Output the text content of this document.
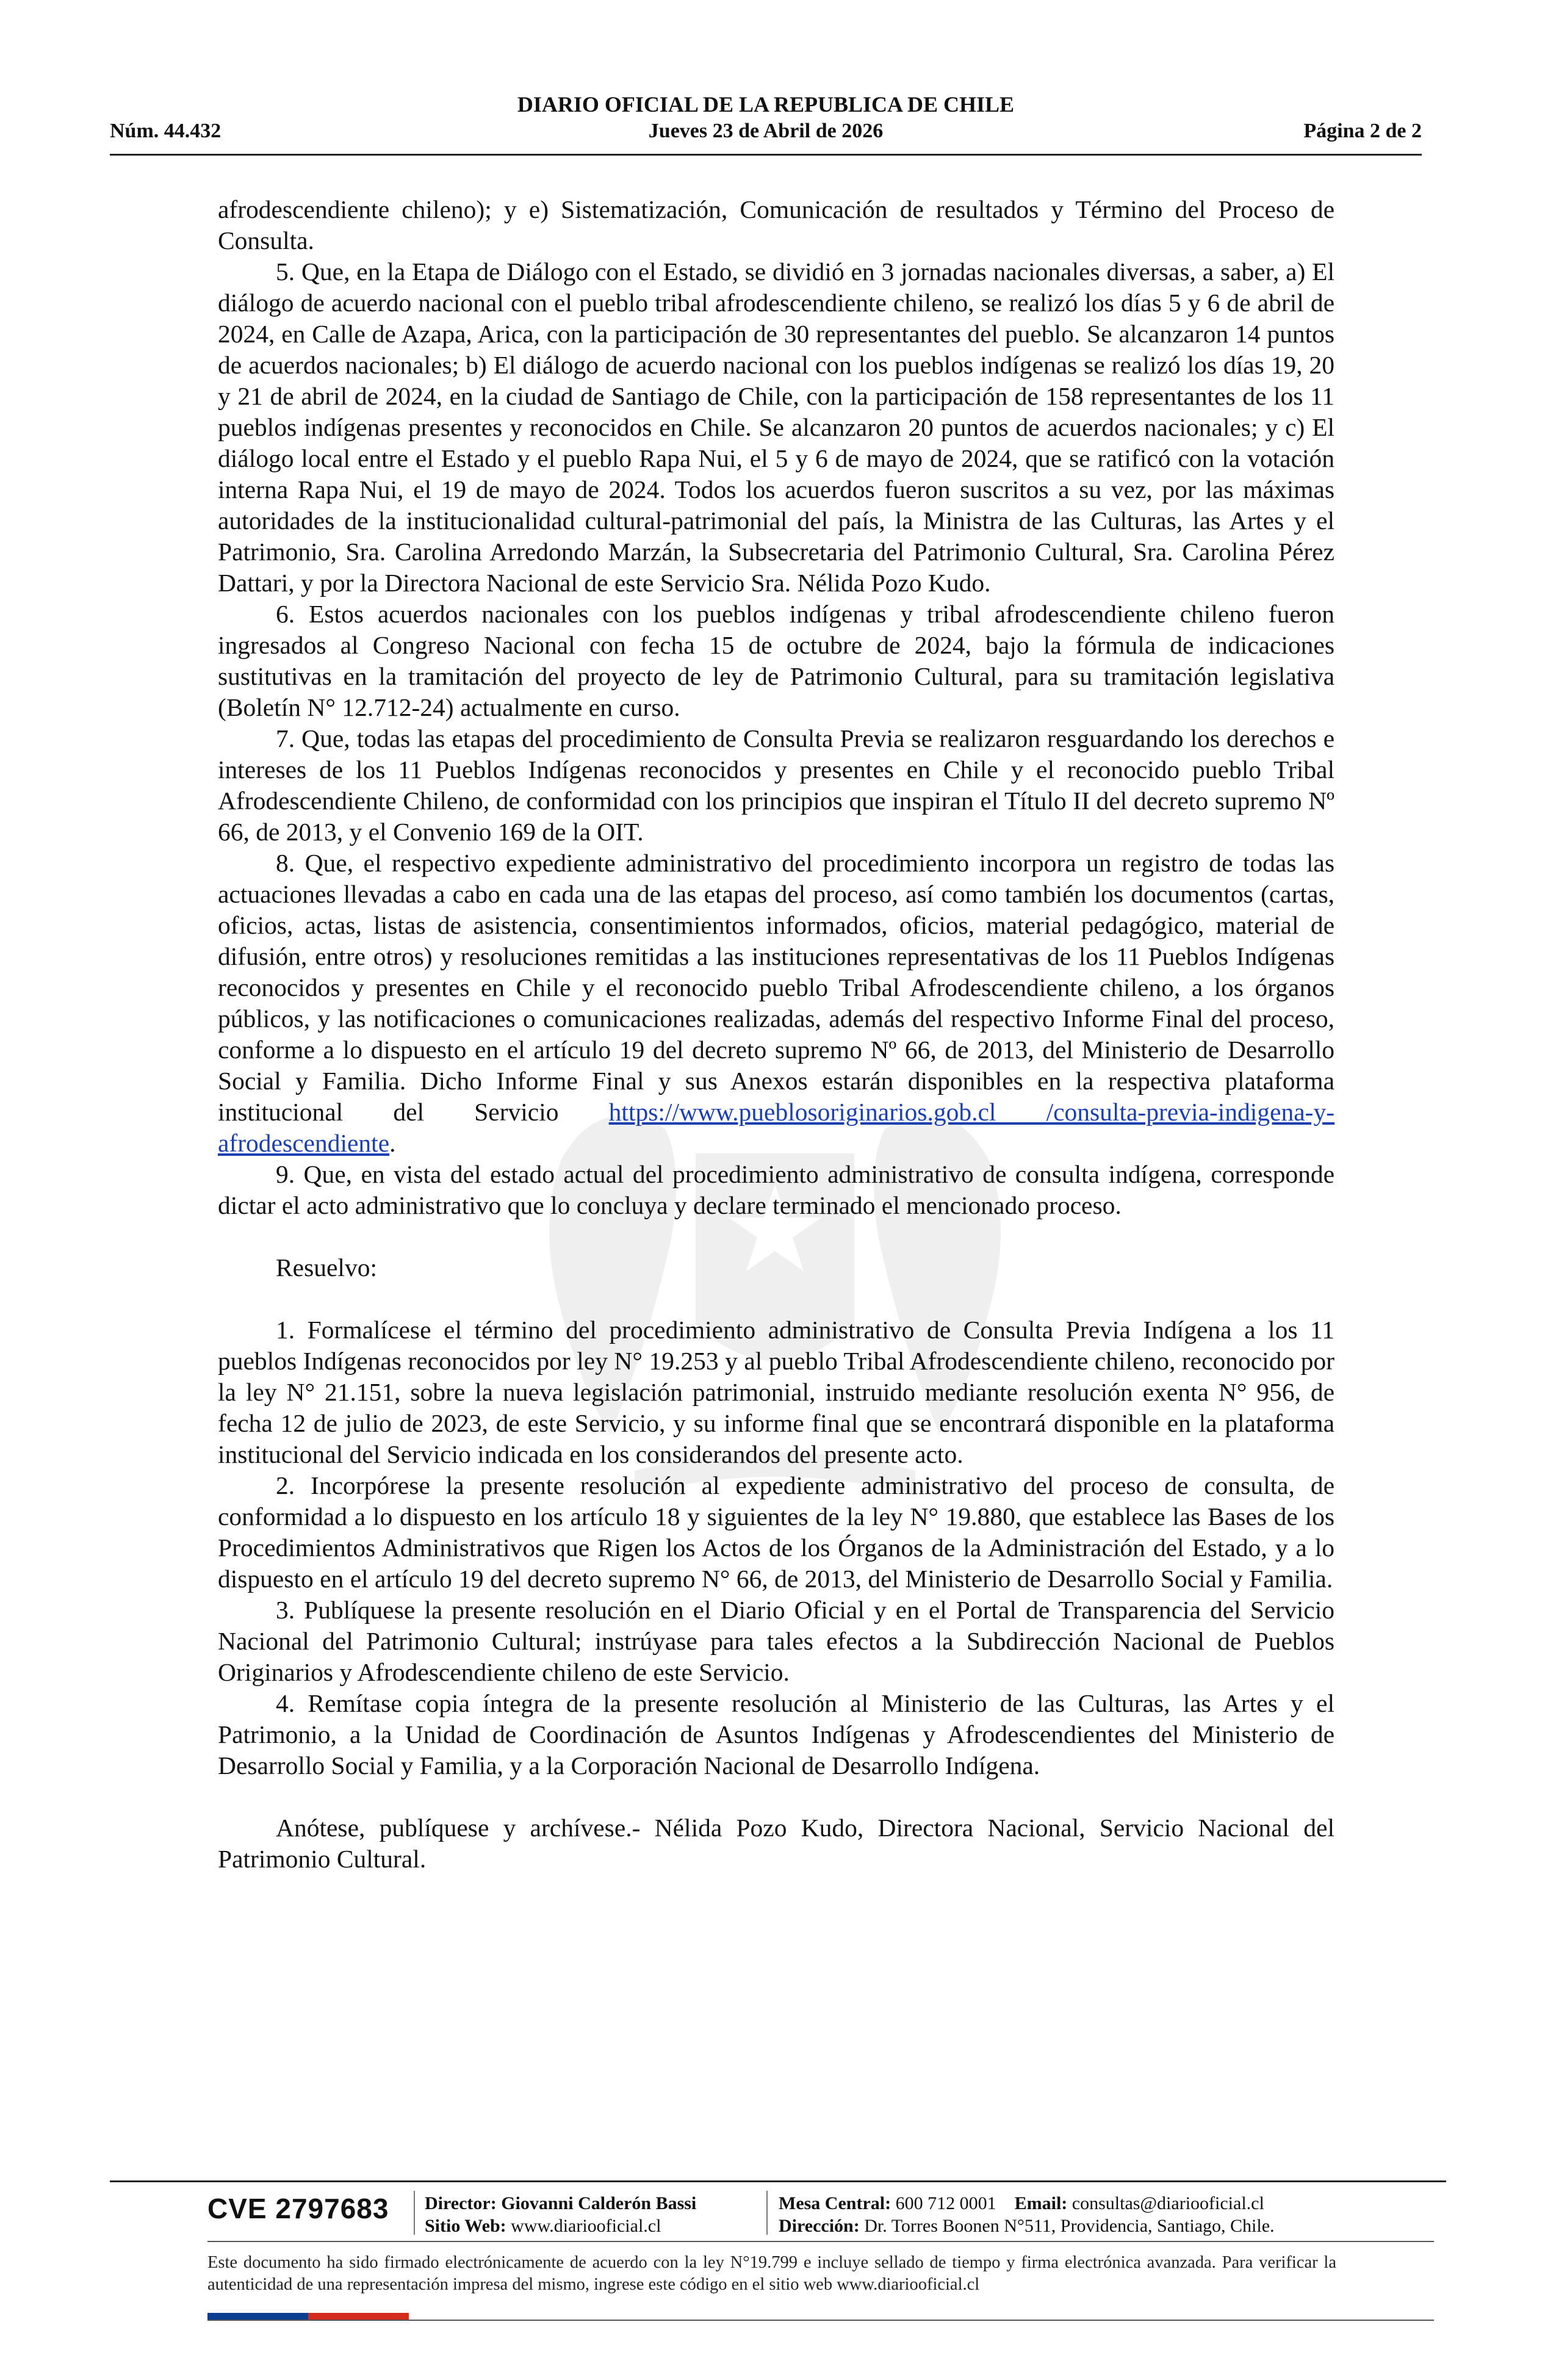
DIARIO OFICIAL DE LA REPUBLICA DE CHILE
Núm. 44.432	Jueves 23 de Abril de 2026	Página 2 de 2

afrodescendiente chileno); y e) Sistematización, Comunicación de resultados y Término del Proceso de Consulta.

5. Que, en la Etapa de Diálogo con el Estado, se dividió en 3 jornadas nacionales diversas, a saber, a) El diálogo de acuerdo nacional con el pueblo tribal afrodescendiente chileno, se realizó los días 5 y 6 de abril de 2024, en Calle de Azapa, Arica, con la participación de 30 representantes del pueblo. Se alcanzaron 14 puntos de acuerdos nacionales; b) El diálogo de acuerdo nacional con los pueblos indígenas se realizó los días 19, 20 y 21 de abril de 2024, en la ciudad de Santiago de Chile, con la participación de 158 representantes de los 11 pueblos indígenas presentes y reconocidos en Chile. Se alcanzaron 20 puntos de acuerdos nacionales; y c) El diálogo local entre el Estado y el pueblo Rapa Nui, el 5 y 6 de mayo de 2024, que se ratificó con la votación interna Rapa Nui, el 19 de mayo de 2024. Todos los acuerdos fueron suscritos a su vez, por las máximas autoridades de la institucionalidad cultural-patrimonial del país, la Ministra de las Culturas, las Artes y el Patrimonio, Sra. Carolina Arredondo Marzán, la Subsecretaria del Patrimonio Cultural, Sra. Carolina Pérez Dattari, y por la Directora Nacional de este Servicio Sra. Nélida Pozo Kudo.

6. Estos acuerdos nacionales con los pueblos indígenas y tribal afrodescendiente chileno fueron ingresados al Congreso Nacional con fecha 15 de octubre de 2024, bajo la fórmula de indicaciones sustitutivas en la tramitación del proyecto de ley de Patrimonio Cultural, para su tramitación legislativa (Boletín N° 12.712-24) actualmente en curso.

7. Que, todas las etapas del procedimiento de Consulta Previa se realizaron resguardando los derechos e intereses de los 11 Pueblos Indígenas reconocidos y presentes en Chile y el reconocido pueblo Tribal Afrodescendiente Chileno, de conformidad con los principios que inspiran el Título II del decreto supremo Nº 66, de 2013, y el Convenio 169 de la OIT.

8. Que, el respectivo expediente administrativo del procedimiento incorpora un registro de todas las actuaciones llevadas a cabo en cada una de las etapas del proceso, así como también los documentos (cartas, oficios, actas, listas de asistencia, consentimientos informados, oficios, material pedagógico, material de difusión, entre otros) y resoluciones remitidas a las instituciones representativas de los 11 Pueblos Indígenas reconocidos y presentes en Chile y el reconocido pueblo Tribal Afrodescendiente chileno, a los órganos públicos, y las notificaciones o comunicaciones realizadas, además del respectivo Informe Final del proceso, conforme a lo dispuesto en el artículo 19 del decreto supremo Nº 66, de 2013, del Ministerio de Desarrollo Social y Familia. Dicho Informe Final y sus Anexos estarán disponibles en la respectiva plataforma institucional del Servicio https://www.pueblosoriginarios.gob.cl /consulta-previa-indigena-y-afrodescendiente.

9. Que, en vista del estado actual del procedimiento administrativo de consulta indígena, corresponde dictar el acto administrativo que lo concluya y declare terminado el mencionado proceso.

Resuelvo:

1. Formalícese el término del procedimiento administrativo de Consulta Previa Indígena a los 11 pueblos Indígenas reconocidos por ley N° 19.253 y al pueblo Tribal Afrodescendiente chileno, reconocido por la ley N° 21.151, sobre la nueva legislación patrimonial, instruido mediante resolución exenta N° 956, de fecha 12 de julio de 2023, de este Servicio, y su informe final que se encontrará disponible en la plataforma institucional del Servicio indicada en los considerandos del presente acto.

2. Incorpórese la presente resolución al expediente administrativo del proceso de consulta, de conformidad a lo dispuesto en los artículo 18 y siguientes de la ley N° 19.880, que establece las Bases de los Procedimientos Administrativos que Rigen los Actos de los Órganos de la Administración del Estado, y a lo dispuesto en el artículo 19 del decreto supremo N° 66, de 2013, del Ministerio de Desarrollo Social y Familia.

3. Publíquese la presente resolución en el Diario Oficial y en el Portal de Transparencia del Servicio Nacional del Patrimonio Cultural; instrúyase para tales efectos a la Subdirección Nacional de Pueblos Originarios y Afrodescendiente chileno de este Servicio.

4. Remítase copia íntegra de la presente resolución al Ministerio de las Culturas, las Artes y el Patrimonio, a la Unidad de Coordinación de Asuntos Indígenas y Afrodescendientes del Ministerio de Desarrollo Social y Familia, y a la Corporación Nacional de Desarrollo Indígena.

Anótese, publíquese y archívese.- Nélida Pozo Kudo, Directora Nacional, Servicio Nacional del Patrimonio Cultural.

CVE 2797683 Director: Giovanni Calderón Bassi
Sitio Web: www.diariooficial.cl
Mesa Central: 600 712 0001 Email: consultas@diariooficial.cl
Dirección: Dr. Torres Boonen N°511, Providencia, Santiago, Chile.
Este documento ha sido firmado electrónicamente de acuerdo con la ley N°19.799 e incluye sellado de tiempo y firma electrónica avanzada. Para verificar la autenticidad de una representación impresa del mismo, ingrese este código en el sitio web www.diariooficial.cl
